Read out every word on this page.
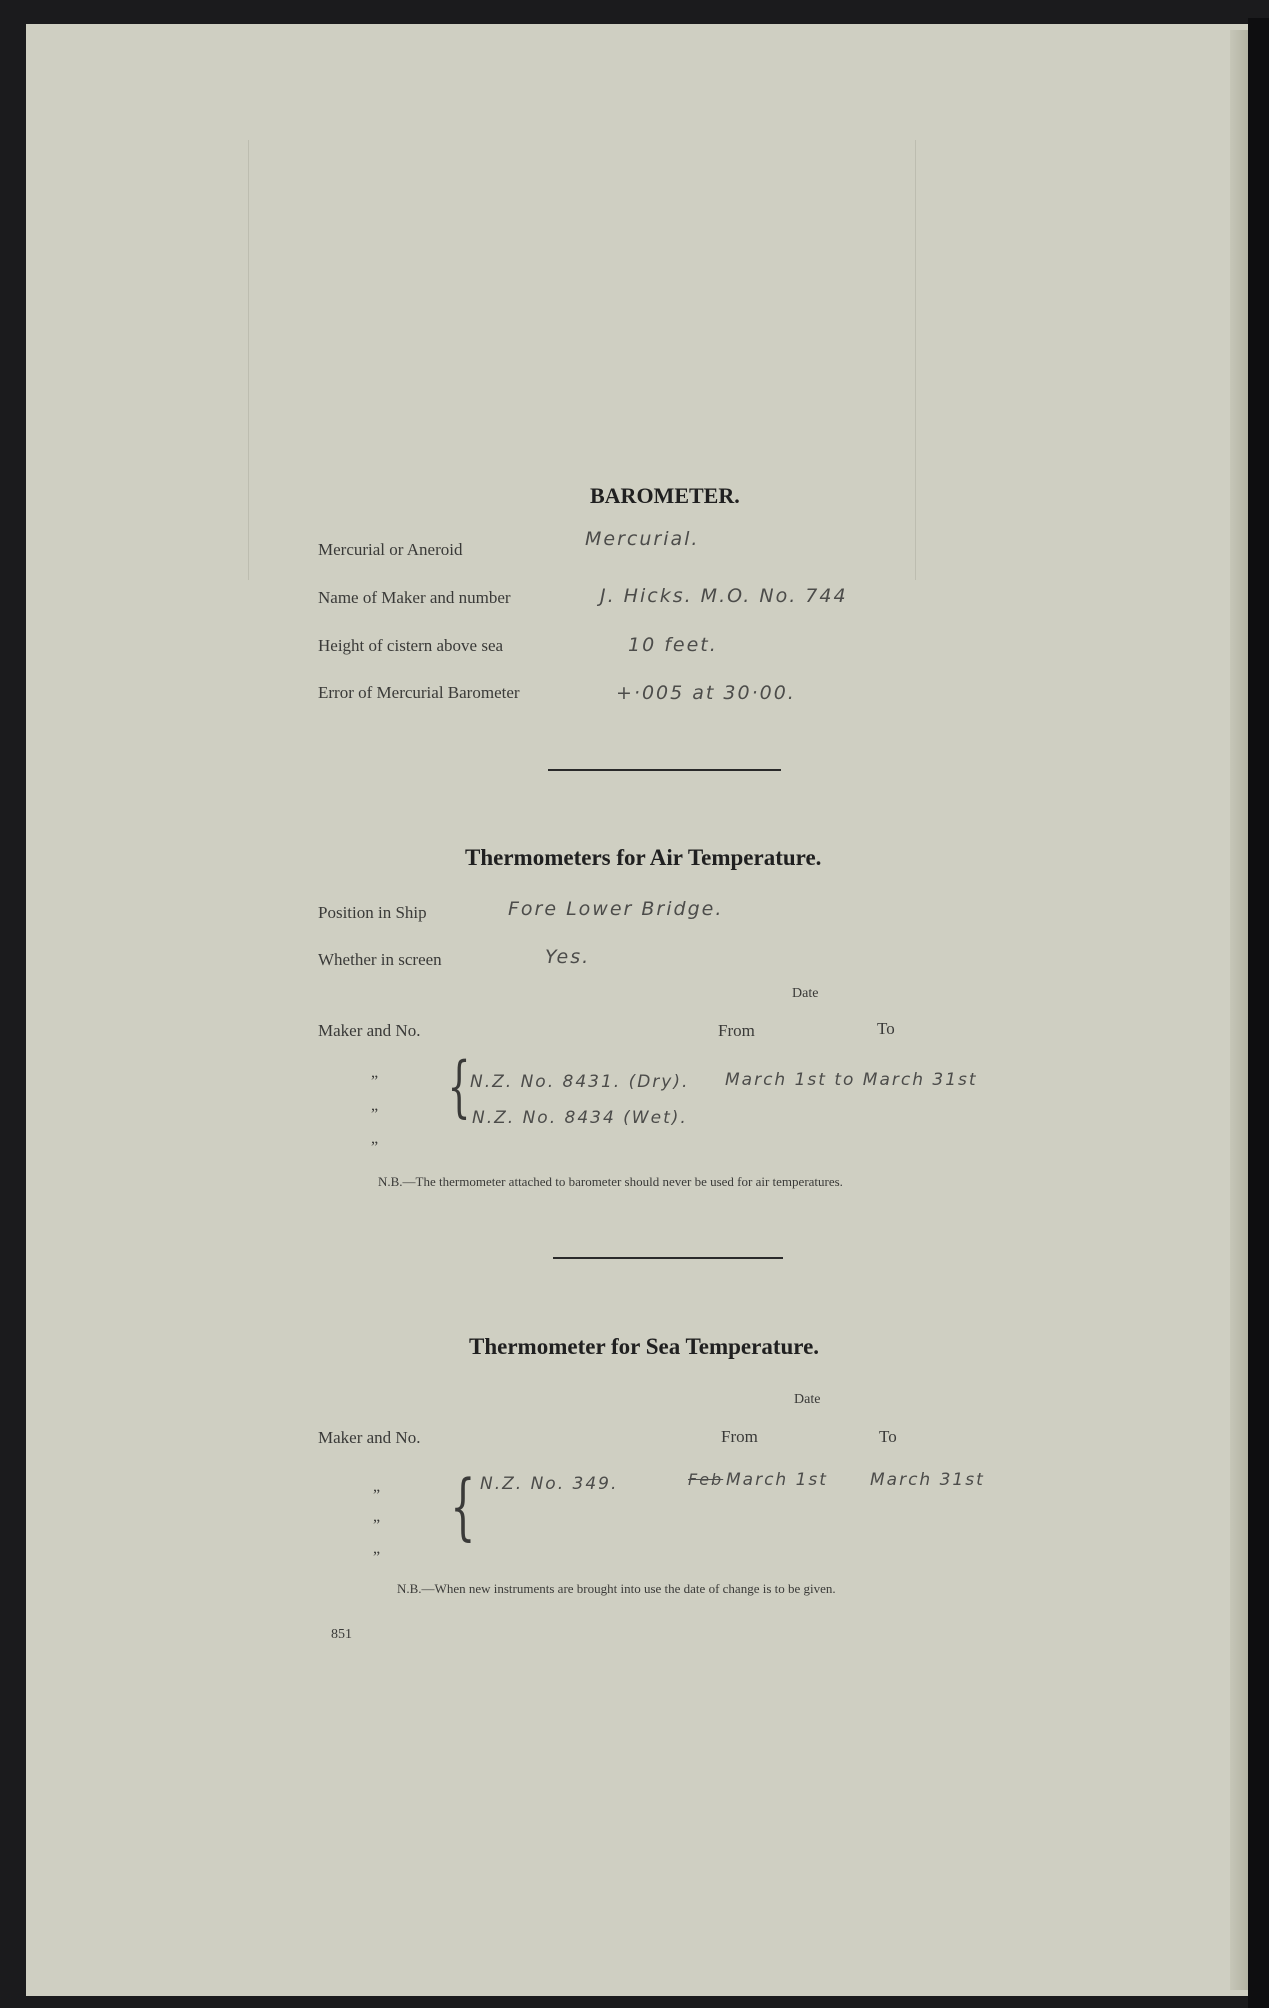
BAROMETER.
Mercurial or Aneroid	Mercurial.
Name of Maker and number	J. Hicks. M.O. No. 744
Height of cistern above sea	10 feet.
Error of Mercurial Barometer	+·005 at 30·00.
Thermometers for Air Temperature.
Position in Ship	Fore Lower Bridge.
Whether in screen	Yes.
Date
Maker and No.	From	To
„
„
„
{ N.Z. No. 8431. (Dry). March 1st to March 31st
N.Z. No. 8434 (Wet).
N.B.—The thermometer attached to barometer should never be used for air temperatures.
Thermometer for Sea Temperature.
Date
Maker and No.	From	To
„
„
„
{ N.Z. No. 349.	Feb March 1st March 31st
N.B.—When new instruments are brought into use the date of change is to be given.
851
